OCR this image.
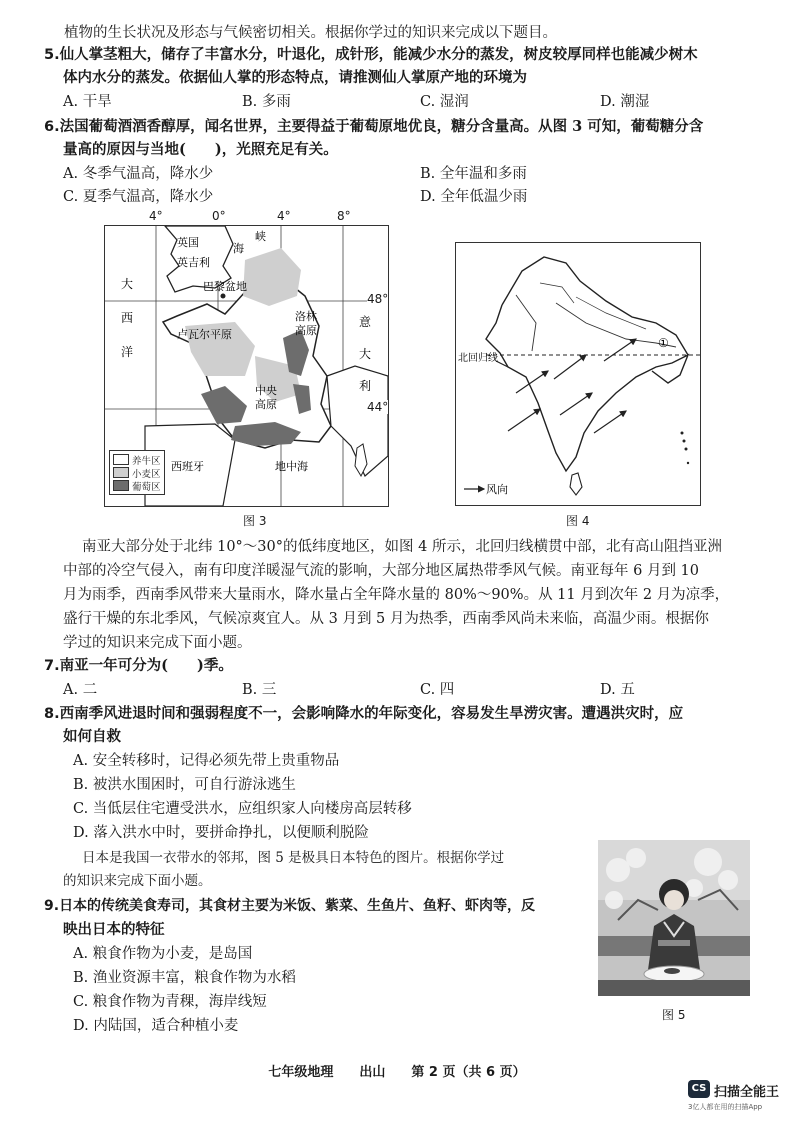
植物的生长状况及形态与气候密切相关。根据你学过的知识来完成以下题目。
5.仙人掌茎粗大，储存了丰富水分，叶退化，成针形，能减少水分的蒸发，树皮较厚同样也能减少树木
体内水分的蒸发。依据仙人掌的形态特点，请推测仙人掌原产地的环境为
A. 干旱	B. 多雨	C. 湿润	D. 潮湿
6.法国葡萄酒酒香醇厚，闻名世界，主要得益于葡萄原地优良，糖分含量高。从图 3 可知，葡萄糖分含
量高的原因与当地(　　)，光照充足有关。
A. 冬季气温高，降水少	B. 全年温和多雨
C. 夏季气温高，降水少	D. 全年低温少雨
4°	0°	4°	8°
英国
英吉利
海
峡
巴黎盆地
大
西
洋
洛林
高原
卢瓦尔平原
意
大
利
中央
高原
西班牙	地中海
养牛区
小麦区
葡萄区
48°
44°
图 3
北回归线
①
风向
图 4
南亚大部分处于北纬 10°～30°的低纬度地区，如图 4 所示，北回归线横贯中部，北有高山阻挡亚洲
中部的冷空气侵入，南有印度洋暖湿气流的影响，大部分地区属热带季风气候。南亚每年 6 月到 10
月为雨季，西南季风带来大量雨水，降水量占全年降水量的 80%～90%。从 11 月到次年 2 月为凉季，
盛行干燥的东北季风，气候凉爽宜人。从 3 月到 5 月为热季，西南季风尚未来临，高温少雨。根据你
学过的知识来完成下面小题。
7.南亚一年可分为(　　)季。
A. 二	B. 三	C. 四	D. 五
8.西南季风进退时间和强弱程度不一，会影响降水的年际变化，容易发生旱涝灾害。遭遇洪灾时，应
如何自救
A. 安全转移时，记得必须先带上贵重物品
B. 被洪水围困时，可自行游泳逃生
C. 当低层住宅遭受洪水，应组织家人向楼房高层转移
D. 落入洪水中时，要拼命挣扎，以便顺利脱险
日本是我国一衣带水的邻邦，图 5 是极具日本特色的图片。根据你学过
的知识来完成下面小题。
9.日本的传统美食寿司，其食材主要为米饭、紫菜、生鱼片、鱼籽、虾肉等，反
映出日本的特征
A. 粮食作物为小麦，是岛国
B. 渔业资源丰富，粮食作物为水稻
C. 粮食作物为青稞，海岸线短
D. 内陆国，适合种植小麦
图 5
七年级地理　　出山　　第 2 页（共 6 页）
CS 扫描全能王
3亿人都在用的扫描App
